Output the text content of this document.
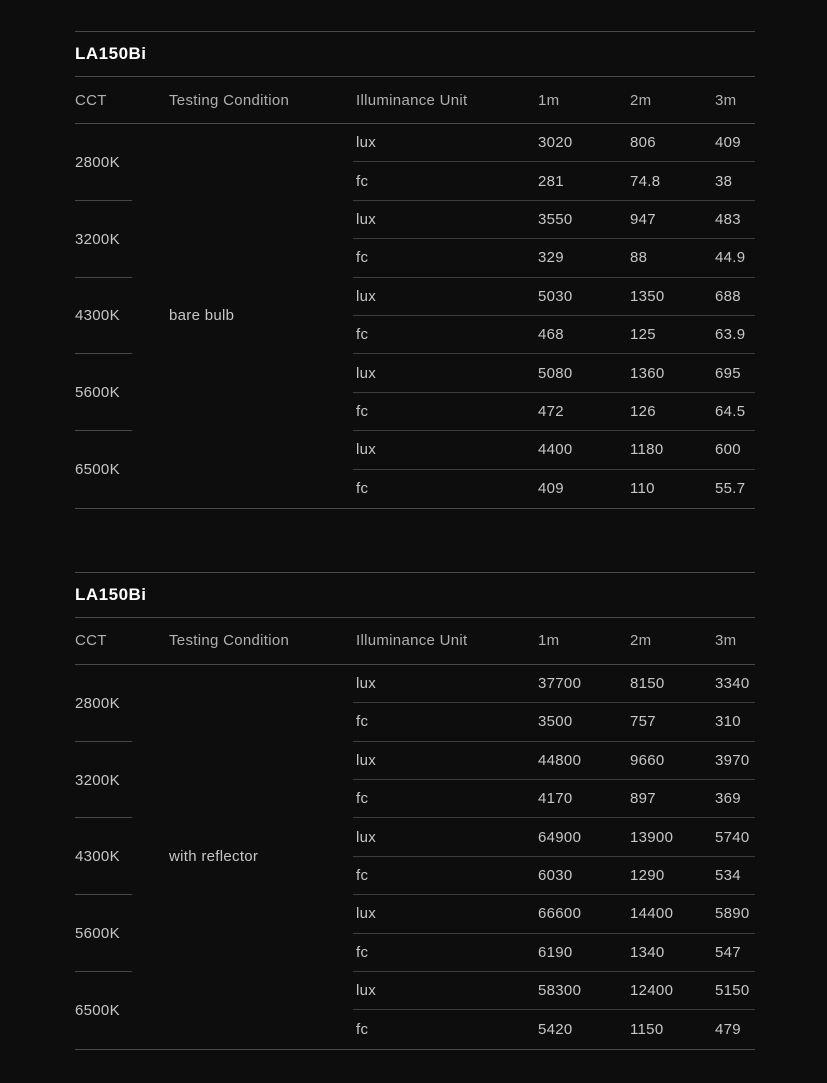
LA150Bi
CCT	Testing Condition	Illuminance Unit	1m	2m	3m
2800K
bare bulb
lux	3020	806	409
fc	281	74.8	38
3200K
lux	3550	947	483
fc	329	88	44.9
4300K
lux	5030	1350	688
fc	468	125	63.9
5600K
lux	5080	1360	695
fc	472	126	64.5
6500K
lux	4400	1180	600
fc	409	110	55.7
LA150Bi
CCT	Testing Condition	Illuminance Unit	1m	2m	3m
2800K
with reflector
lux	37700	8150	3340
fc	3500	757	310
3200K
lux	44800	9660	3970
fc	4170	897	369
4300K
lux	64900	13900	5740
fc	6030	1290	534
5600K
lux	66600	14400	5890
fc	6190	1340	547
6500K
lux	58300	12400	5150
fc	5420	1150	479
